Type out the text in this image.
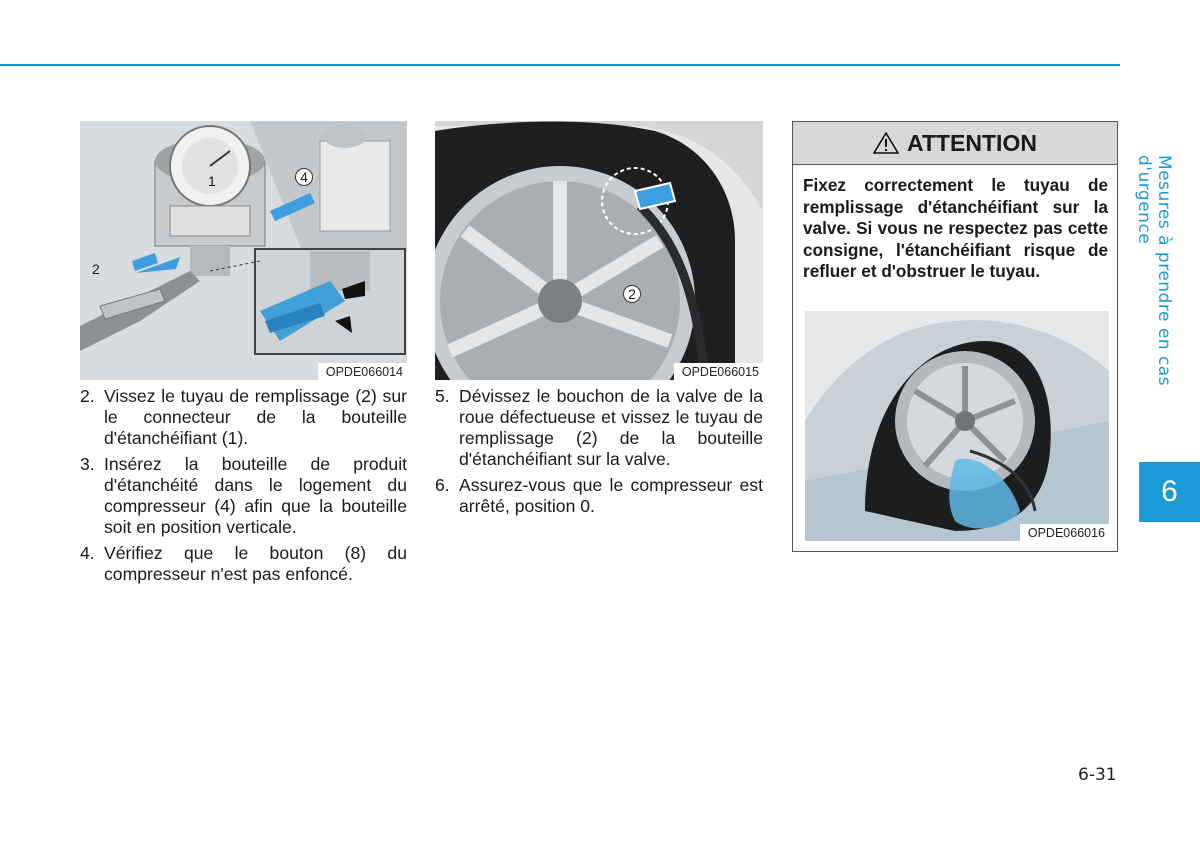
2
4
1
OPDE066014
2
OPDE066015
2. Vissez le tuyau de remplissage (2) sur le connecteur de la bouteille d'étanchéifiant (1).
3. Insérez la bouteille de produit d'étanchéité dans le logement du compresseur (4) afin que la bouteille soit en position verticale.
4. Vérifiez que le bouton (8) du compresseur n'est pas enfoncé.
5. Dévissez le bouchon de la valve de la roue défectueuse et vissez le tuyau de remplissage (2) de la bouteille d'étanchéifiant sur la valve.
6. Assurez-vous que le compresseur est arrêté, position 0.
ATTENTION
Fixez correctement le tuyau de remplissage d'étanchéifiant sur la valve. Si vous ne respectez pas cette consigne, l'étanchéifiant risque de refluer et d'obstruer le tuyau.
OPDE066016
Mesures à prendre en cas d'urgence
6
6-31
